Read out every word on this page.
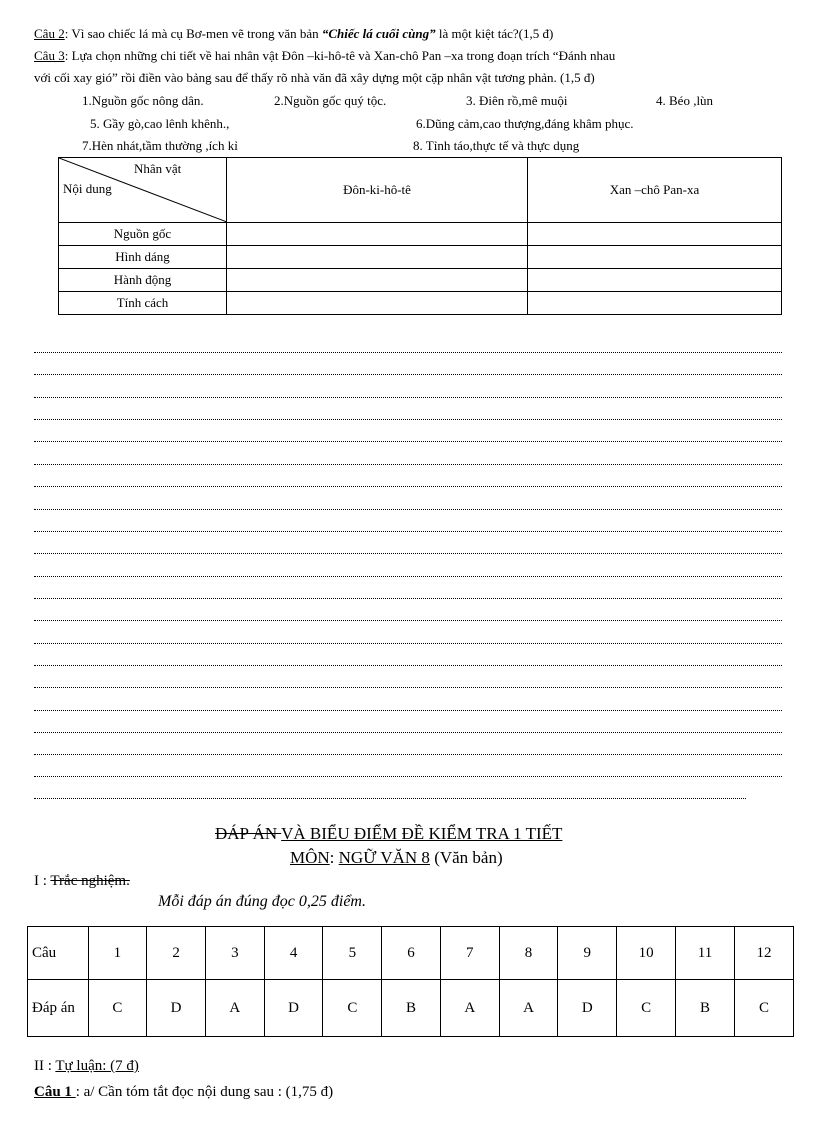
Câu 2: Vì sao chiếc lá mà cụ Bơ-men vẽ trong văn bản “Chiếc lá cuối cùng” là một kiệt tác?(1,5 đ)
Câu 3: Lựa chọn những chi tiết về hai nhân vật Đôn –ki-hô-tê và Xan-chô Pan –xa trong đoạn trích “Đánh nhau
với cối xay gió” rồi điền vào bảng sau để thấy rõ nhà văn đã xây dựng một cặp nhân vật tương phản. (1,5 đ)
1.Nguồn gốc nông dân.	2.Nguồn gốc quý tộc.	3. Điên rồ,mê muội	4. Béo ,lùn
5. Gầy gò,cao lênh khênh.,	6.Dũng cảm,cao thượng,đáng khâm phục.
7.Hèn nhát,tầm thường ,ích kỉ	8. Tỉnh táo,thực tế và thực dụng
Nhân vật
Nội dung	Đôn-ki-hô-tê	Xan –chô Pan-xa
Nguồn gốc		
Hình dáng		
Hành động		
Tính cách		
ĐÁP ÁN VÀ BIỂU ĐIỂM ĐỀ KIỂM TRA 1 TIẾT
MÔN: NGỮ VĂN 8 (Văn bản)
I : Trắc nghiệm.
Mỗi đáp án đúng đọc 0,25 điểm.
Câu	1	2	3	4	5	6	7	8	9	10	11	12
Đáp án	C	D	A	D	C	B	A	A	D	C	B	C
II : Tự luận: (7 đ)
Câu 1 : a/ Cần tóm tắt đọc nội dung sau : (1,75 đ)
